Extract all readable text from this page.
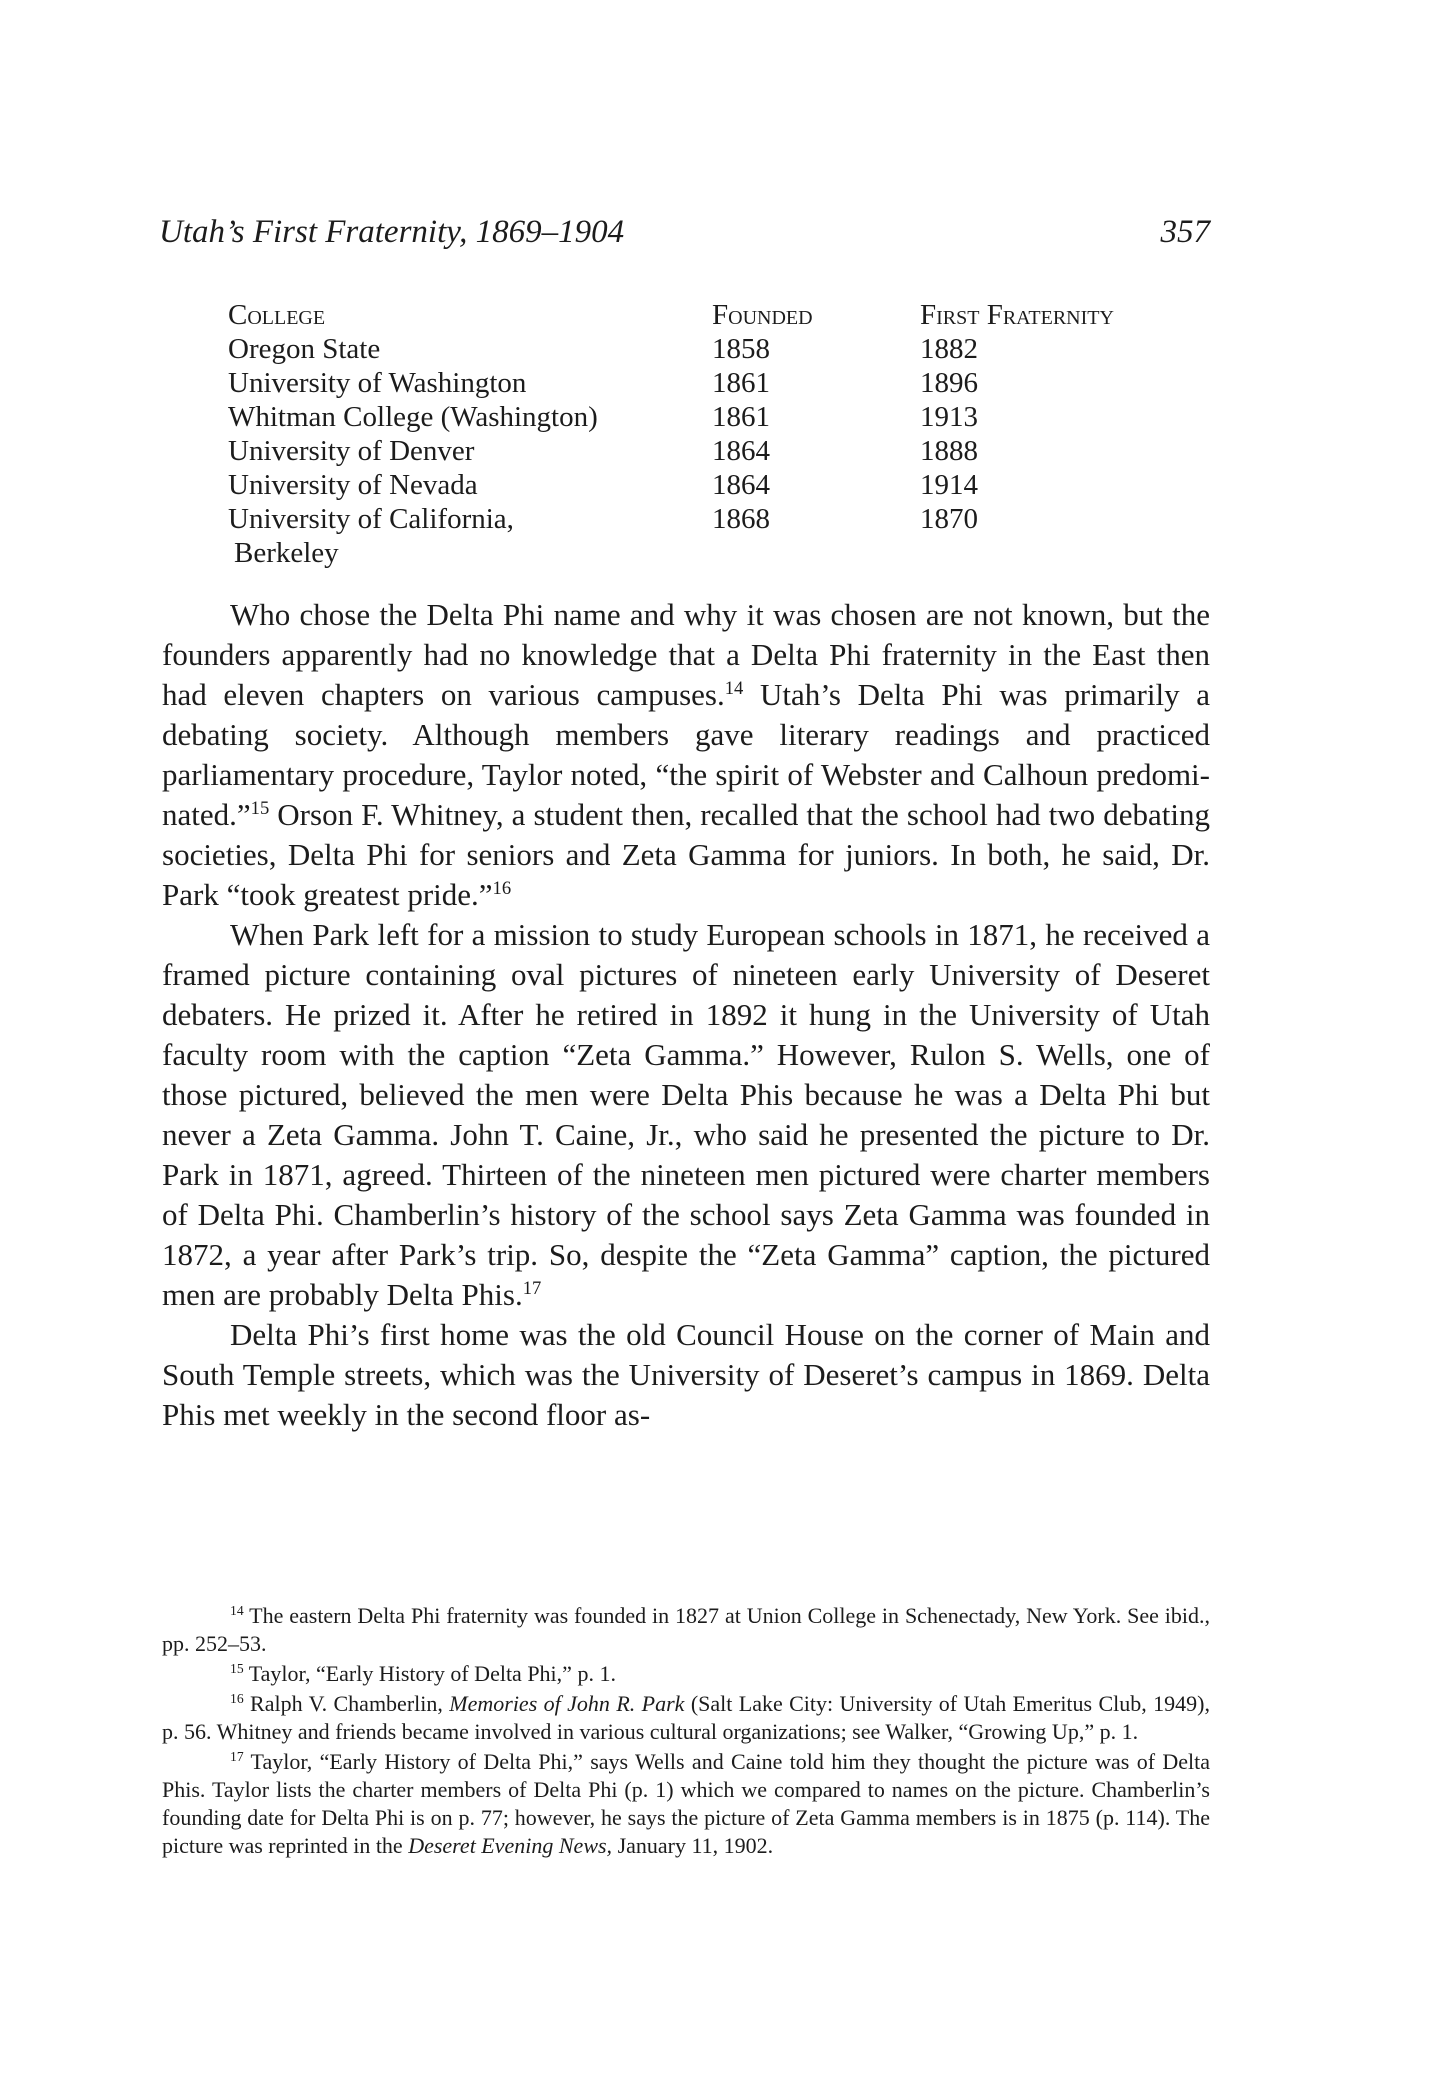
Utah’s First Fraternity, 1869–1904	357
College	Founded	First Fraternity
Oregon State	1858	1882
University of Washington	1861	1896
Whitman College (Washington)	1861	1913
University of Denver	1864	1888
University of Nevada	1864	1914
University of California,
Berkeley	1868	1870

Who chose the Delta Phi name and why it was chosen are not known, but the founders apparently had no knowledge that a Delta Phi fraternity in the East then had eleven chapters on various campuses.$^{14}$ Utah’s Delta Phi was primarily a debating society. Although members gave literary readings and practiced parliamentary procedure, Taylor noted, “the spirit of Webster and Calhoun predominated.”$^{15}$ Orson F. Whitney, a student then, recalled that the school had two debating societies, Delta Phi for seniors and Zeta Gamma for juniors. In both, he said, Dr. Park “took greatest pride.”$^{16}$

When Park left for a mission to study European schools in 1871, he received a framed picture containing oval pictures of nineteen early University of Deseret debaters. He prized it. After he retired in 1892 it hung in the University of Utah faculty room with the caption “Zeta Gamma.” However, Rulon S. Wells, one of those pictured, believed the men were Delta Phis because he was a Delta Phi but never a Zeta Gamma. John T. Caine, Jr., who said he presented the picture to Dr. Park in 1871, agreed. Thirteen of the nineteen men pictured were charter members of Delta Phi. Chamberlin’s history of the school says Zeta Gamma was founded in 1872, a year after Park’s trip. So, despite the “Zeta Gamma” caption, the pictured men are probably Delta Phis.$^{17}$

Delta Phi’s first home was the old Council House on the corner of Main and South Temple streets, which was the University of Deseret’s campus in 1869. Delta Phis met weekly in the second floor as-

$^{14}$ The eastern Delta Phi fraternity was founded in 1827 at Union College in Schenectady, New York. See ibid., pp. 252–53.

$^{15}$ Taylor, “Early History of Delta Phi,” p. 1.

$^{16}$ Ralph V. Chamberlin, Memories of John R. Park (Salt Lake City: University of Utah Emeritus Club, 1949), p. 56. Whitney and friends became involved in various cultural organizations; see Walker, “Growing Up,” p. 1.

$^{17}$ Taylor, “Early History of Delta Phi,” says Wells and Caine told him they thought the picture was of Delta Phis. Taylor lists the charter members of Delta Phi (p. 1) which we compared to names on the picture. Chamberlin’s founding date for Delta Phi is on p. 77; however, he says the picture of Zeta Gamma members is in 1875 (p. 114). The picture was reprinted in the Deseret Evening News, January 11, 1902.
